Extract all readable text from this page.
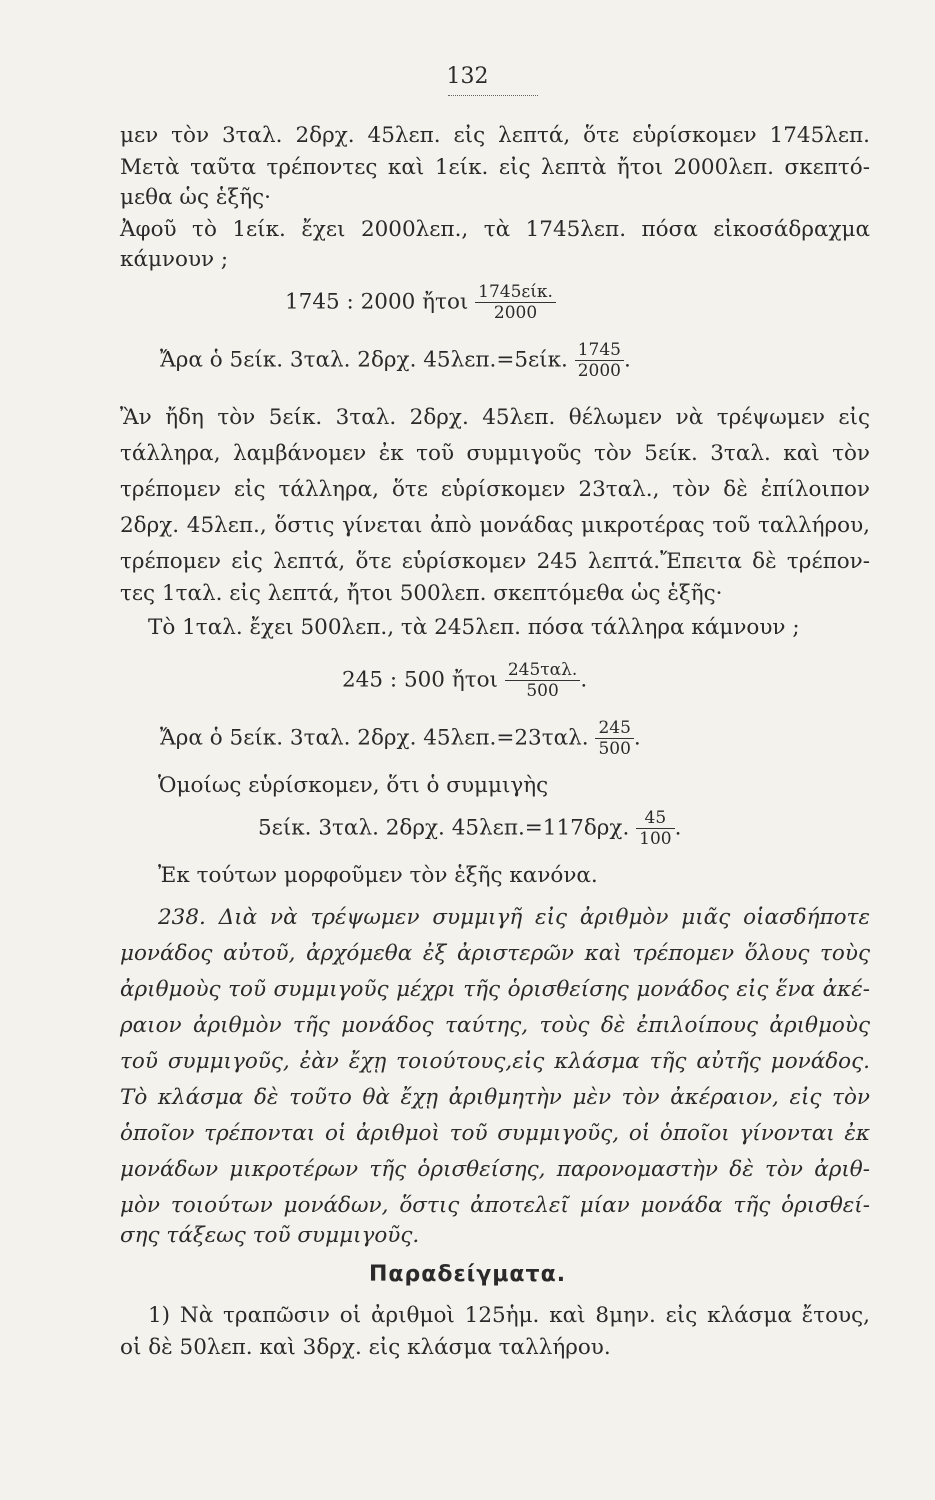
132
μεν τὸν 3ταλ. 2δρχ. 45λεπ. εἰς λεπτά, ὅτε εὑρίσκομεν 1745λεπ.
Μετὰ ταῦτα τρέποντες καὶ 1είκ. εἰς λεπτὰ ἤτοι 2000λεπ. σκεπτό-
μεθα ὡς ἑξῆς·
Ἀφοῦ τὸ 1είκ. ἔχει 2000λεπ., τὰ 1745λεπ. πόσα εἰκοσάδραχμα
κάμνουν ;
1745 : 2000 ἤτοι $\frac{\text{1745είκ.}}{2000}$
Ἄρα ὁ 5είκ. 3ταλ. 2δρχ. 45λεπ.=5είκ. $\frac{1745}{2000}$ .
Ἂν ἤδη τὸν 5είκ. 3ταλ. 2δρχ. 45λεπ. θέλωμεν νὰ τρέψωμεν εἰς
τάλληρα, λαμβάνομεν ἐκ τοῦ συμμιγοῦς τὸν 5είκ. 3ταλ. καὶ τὸν
τρέπομεν εἰς τάλληρα, ὅτε εὑρίσκομεν 23ταλ., τὸν δὲ ἐπίλοιπον
2δρχ. 45λεπ., ὅστις γίνεται ἀπὸ μονάδας μικροτέρας τοῦ ταλλήρου,
τρέπομεν εἰς λεπτά, ὅτε εὑρίσκομεν 245 λεπτά.Ἔπειτα δὲ τρέπον-
τες 1ταλ. εἰς λεπτά, ἤτοι 500λεπ. σκεπτόμεθα ὡς ἑξῆς·
Τὸ 1ταλ. ἔχει 500λεπ., τὰ 245λεπ. πόσα τάλληρα κάμνουν ;
245 : 500 ἤτοι $\frac{\text{245ταλ.}}{500}$ .
Ἄρα ὁ 5είκ. 3ταλ. 2δρχ. 45λεπ.=23ταλ. $\frac{245}{500}$ .
Ὁμοίως εὑρίσκομεν, ὅτι ὁ συμμιγὴς
5είκ. 3ταλ. 2δρχ. 45λεπ.=117δρχ. $\frac{45}{100}$ .
Ἐκ τούτων μορφοῦμεν τὸν ἑξῆς κανόνα.
238. Διὰ νὰ τρέψωμεν συμμιγῆ εἰς ἀριθμὸν μιᾶς οἱασδήποτε
μονάδος αὐτοῦ, ἀρχόμεθα ἐξ ἀριστερῶν καὶ τρέπομεν ὅλους τοὺς
ἀριθμοὺς τοῦ συμμιγοῦς μέχρι τῆς ὁρισθείσης μονάδος εἰς ἕνα ἀκέ-
ραιον ἀριθμὸν τῆς μονάδος ταύτης, τοὺς δὲ ἐπιλοίπους ἀριθμοὺς
τοῦ συμμιγοῦς, ἐὰν ἔχῃ τοιούτους,εἰς κλάσμα τῆς αὐτῆς μονάδος.
Τὸ κλάσμα δὲ τοῦτο θὰ ἔχῃ ἀριθμητὴν μὲν τὸν ἀκέραιον, εἰς τὸν
ὁποῖον τρέπονται οἱ ἀριθμοὶ τοῦ συμμιγοῦς, οἱ ὁποῖοι γίνονται ἐκ
μονάδων μικροτέρων τῆς ὁρισθείσης, παρονομαστὴν δὲ τὸν ἀριθ-
μὸν τοιούτων μονάδων, ὅστις ἀποτελεῖ μίαν μονάδα τῆς ὁρισθεί-
σης τάξεως τοῦ συμμιγοῦς.
Παραδείγματα.
1) Νὰ τραπῶσιν οἱ ἀριθμοὶ 125ἡμ. καὶ 8μην. εἰς κλάσμα ἔτους,
οἱ δὲ 50λεπ. καὶ 3δρχ. εἰς κλάσμα ταλλήρου.
